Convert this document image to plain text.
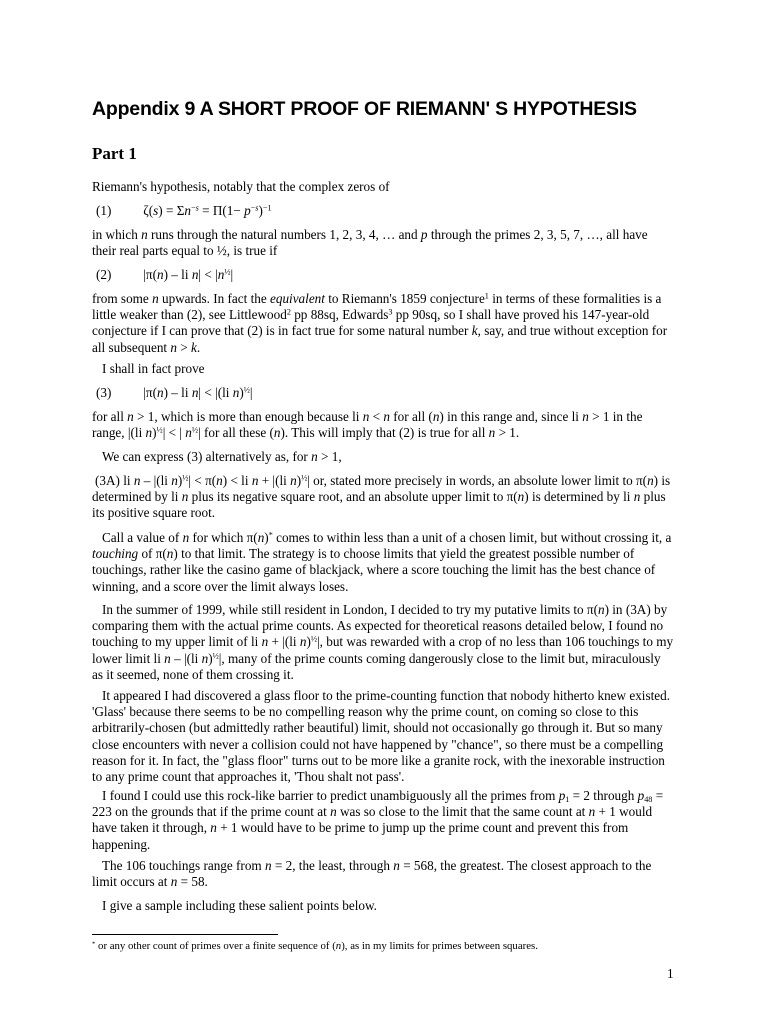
Appendix 9 A SHORT PROOF OF RIEMANN' S HYPOTHESIS
Part 1
Riemann's hypothesis, notably that the complex zeros of
(1) $\zeta(s) = \Sigma n^{-s} = \Pi(1- p^{-s})^{-1}$
in which n runs through the natural numbers 1, 2, 3, 4, … and p through the primes 2, 3, 5, 7, …, all have their real parts equal to ½, is true if
(2) |π(n) – li $n| < |n^{\frac{1}{2}}|$
from some n upwards. In fact the equivalent to Riemann's 1859 conjecture$^1$ in terms of these formalities is a little weaker than (2), see Littlewood$^2$ pp 88sq, Edwards$^3$ pp 90sq, so I shall have proved his 147-year-old conjecture if I can prove that (2) is in fact true for some natural number k, say, and true without exception for all subsequent n > k.
I shall in fact prove
(3) |π(n) – li n| < |(li n)$^{\frac{1}{2}}$|
for all n > 1, which is more than enough because li n < n for all (n) in this range and, since li n > 1 in the range, |(li n)$^{\frac{1}{2}}$| < | $n^{\frac{1}{2}}|$ for all these (n). This will imply that (2) is true for all n > 1.
We can express (3) alternatively as, for n > 1,
(3A) li n – |(li n)$^{\frac{1}{2}}$| < π(n) < li n + |(li n)$^{\frac{1}{2}}$| or, stated more precisely in words, an absolute lower limit to π(n) is determined by li n plus its negative square root, and an absolute upper limit to π(n) is determined by li n plus its positive square root.
Call a value of n for which π(n)* comes to within less than a unit of a chosen limit, but without crossing it, a touching of π(n) to that limit. The strategy is to choose limits that yield the greatest possible number of touchings, rather like the casino game of blackjack, where a score touching the limit has the best chance of winning, and a score over the limit always loses.
In the summer of 1999, while still resident in London, I decided to try my putative limits to π(n) in (3A) by comparing them with the actual prime counts. As expected for theoretical reasons detailed below, I found no touching to my upper limit of li n + |(li n)$^{\frac{1}{2}}$|, but was rewarded with a crop of no less than 106 touchings to my lower limit li n – |(li n)$^{\frac{1}{2}}$|, many of the prime counts coming dangerously close to the limit but, miraculously as it seemed, none of them crossing it.
It appeared I had discovered a glass floor to the prime-counting function that nobody hitherto knew existed. 'Glass' because there seems to be no compelling reason why the prime count, on coming so close to this arbitrarily-chosen (but admittedly rather beautiful) limit, should not occasionally go through it. But so many close encounters with never a collision could not have happened by "chance", so there must be a compelling reason for it. In fact, the "glass floor" turns out to be more like a granite rock, with the inexorable instruction to any prime count that approaches it, 'Thou shalt not pass'.
I found I could use this rock-like barrier to predict unambiguously all the primes from $p_1 = 2$ through $p_{48} = 223$ on the grounds that if the prime count at n was so close to the limit that the same count at n + 1 would have taken it through, n + 1 would have to be prime to jump up the prime count and prevent this from happening.
The 106 touchings range from n = 2, the least, through n = 568, the greatest. The closest approach to the limit occurs at n = 58.
I give a sample including these salient points below.
* or any other count of primes over a finite sequence of (n), as in my limits for primes between squares.
1
